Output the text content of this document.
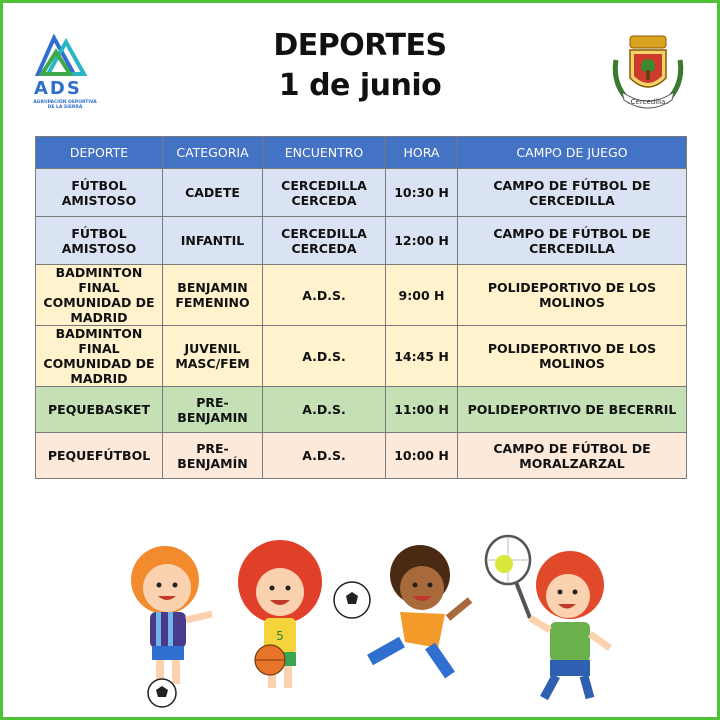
ADS
AGRUPACIÓN DEPORTIVA DE LA SIERRA
DEPORTES
1 de junio	Cercedilla
DEPORTE	CATEGORIA	ENCUENTRO	HORA	CAMPO DE JUEGO
FÚTBOL AMISTOSO	CADETE	CERCEDILLA CERCEDA	10:30 H	CAMPO DE FÚTBOL DE CERCEDILLA
FÚTBOL AMISTOSO	INFANTIL	CERCEDILLA CERCEDA	12:00 H	CAMPO DE FÚTBOL DE CERCEDILLA
BADMINTON FINAL COMUNIDAD DE MADRID	BENJAMIN FEMENINO	A.D.S.	9:00 H	POLIDEPORTIVO DE LOS MOLINOS
BADMINTON FINAL COMUNIDAD DE MADRID	JUVENIL MASC/FEM	A.D.S.	14:45 H	POLIDEPORTIVO DE LOS MOLINOS
PEQUEBASKET	PRE-BENJAMIN	A.D.S.	11:00 H	POLIDEPORTIVO DE BECERRIL
PEQUEFÚTBOL	PRE-BENJAMÍN	A.D.S.	10:00 H	CAMPO DE FÚTBOL DE MORALZARZAL
5
